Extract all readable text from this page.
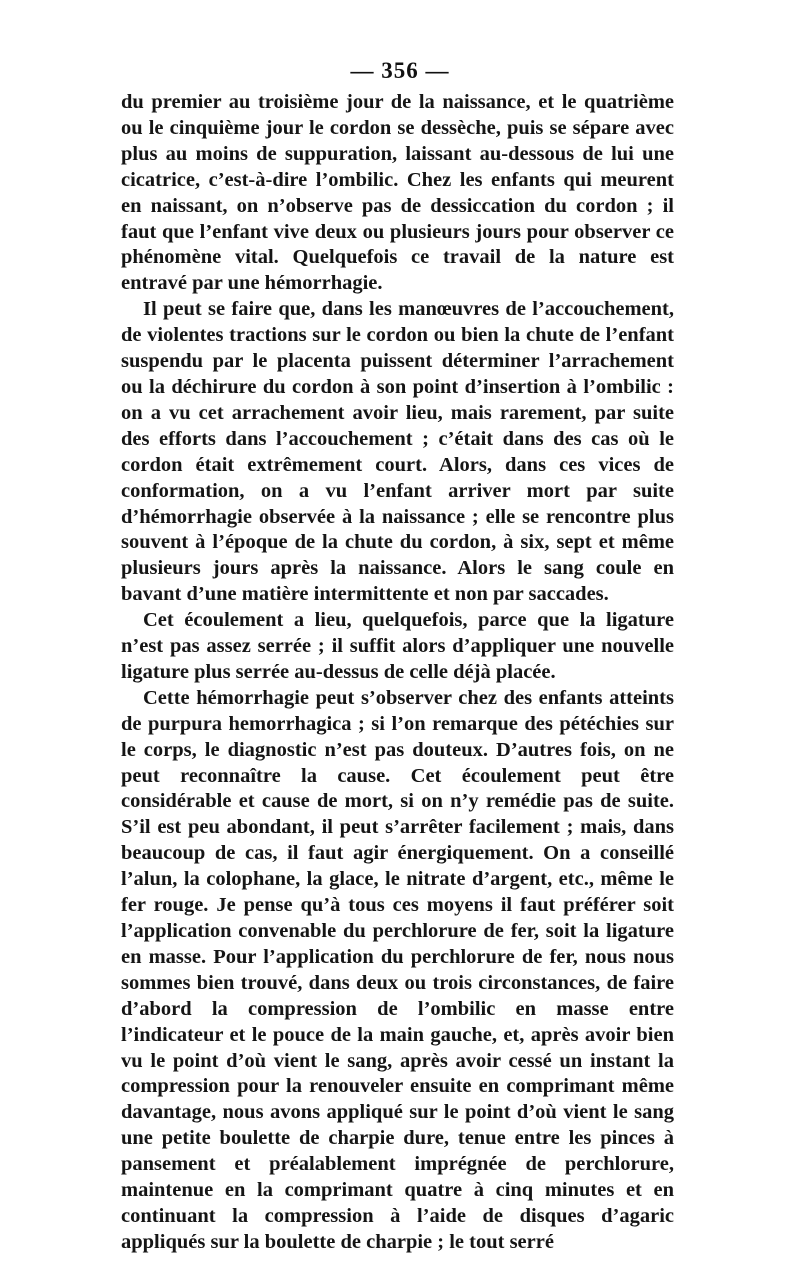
— 356 —

du premier au troisième jour de la naissance, et le quatrième ou le cinquième jour le cordon se dessèche, puis se sépare avec plus au moins de suppuration, laissant au-dessous de lui une cicatrice, c’est-à-dire l’ombilic. Chez les enfants qui meurent en naissant, on n’observe pas de dessiccation du cordon ; il faut que l’enfant vive deux ou plusieurs jours pour observer ce phénomène vital. Quelquefois ce travail de la nature est entravé par une hémorrhagie.

Il peut se faire que, dans les manœuvres de l’accouchement, de violentes tractions sur le cordon ou bien la chute de l’enfant suspendu par le placenta puissent déterminer l’arrachement ou la déchirure du cordon à son point d’insertion à l’ombilic : on a vu cet arrachement avoir lieu, mais rarement, par suite des efforts dans l’accouchement ; c’était dans des cas où le cordon était extrêmement court. Alors, dans ces vices de conformation, on a vu l’enfant arriver mort par suite d’hémorrhagie observée à la naissance ; elle se rencontre plus souvent à l’époque de la chute du cordon, à six, sept et même plusieurs jours après la naissance. Alors le sang coule en bavant d’une matière intermittente et non par saccades.

Cet écoulement a lieu, quelquefois, parce que la ligature n’est pas assez serrée ; il suffit alors d’appliquer une nouvelle ligature plus serrée au-dessus de celle déjà placée.

Cette hémorrhagie peut s’observer chez des enfants atteints de purpura hemorrhagica ; si l’on remarque des pétéchies sur le corps, le diagnostic n’est pas douteux. D’autres fois, on ne peut reconnaître la cause. Cet écoulement peut être considérable et cause de mort, si on n’y remédie pas de suite. S’il est peu abondant, il peut s’arrêter facilement ; mais, dans beaucoup de cas, il faut agir énergiquement. On a conseillé l’alun, la colophane, la glace, le nitrate d’argent, etc., même le fer rouge. Je pense qu’à tous ces moyens il faut préférer soit l’application convenable du perchlorure de fer, soit la ligature en masse. Pour l’application du perchlorure de fer, nous nous sommes bien trouvé, dans deux ou trois circonstances, de faire d’abord la compression de l’ombilic en masse entre l’indicateur et le pouce de la main gauche, et, après avoir bien vu le point d’où vient le sang, après avoir cessé un instant la compression pour la renouveler ensuite en comprimant même davantage, nous avons appliqué sur le point d’où vient le sang une petite boulette de charpie dure, tenue entre les pinces à pansement et préalablement imprégnée de perchlorure, maintenue en la comprimant quatre à cinq minutes et en continuant la compression à l’aide de disques d’agaric appliqués sur la boulette de charpie ; le tout serré
